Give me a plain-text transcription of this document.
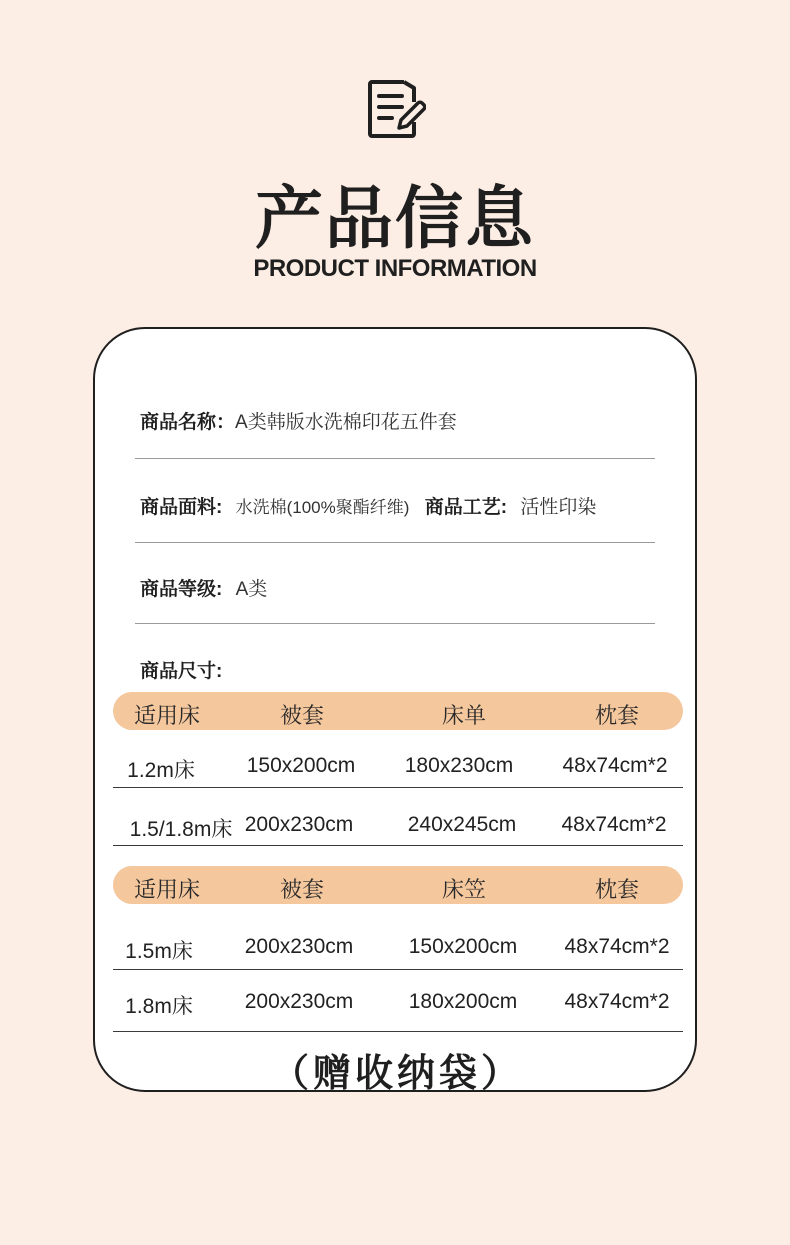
产品信息
PRODUCT INFORMATION
商品名称：A类韩版水洗棉印花五件套
商品面料: 水洗棉(100%聚酯纤维) 商品工艺: 活性印染
商品等级: A类
商品尺寸:
适用床	被套	床单	枕套
1.2m床 150x200cm 180x230cm 48x74cm*2
1.5/1.8m床 200x230cm	240x245cm 48x74cm*2
适用床	被套	床笠	枕套
1.5m床 200x230cm	150x200cm 48x74cm*2
1.8m床 200x230cm	180x200cm 48x74cm*2
（赠收纳袋）
